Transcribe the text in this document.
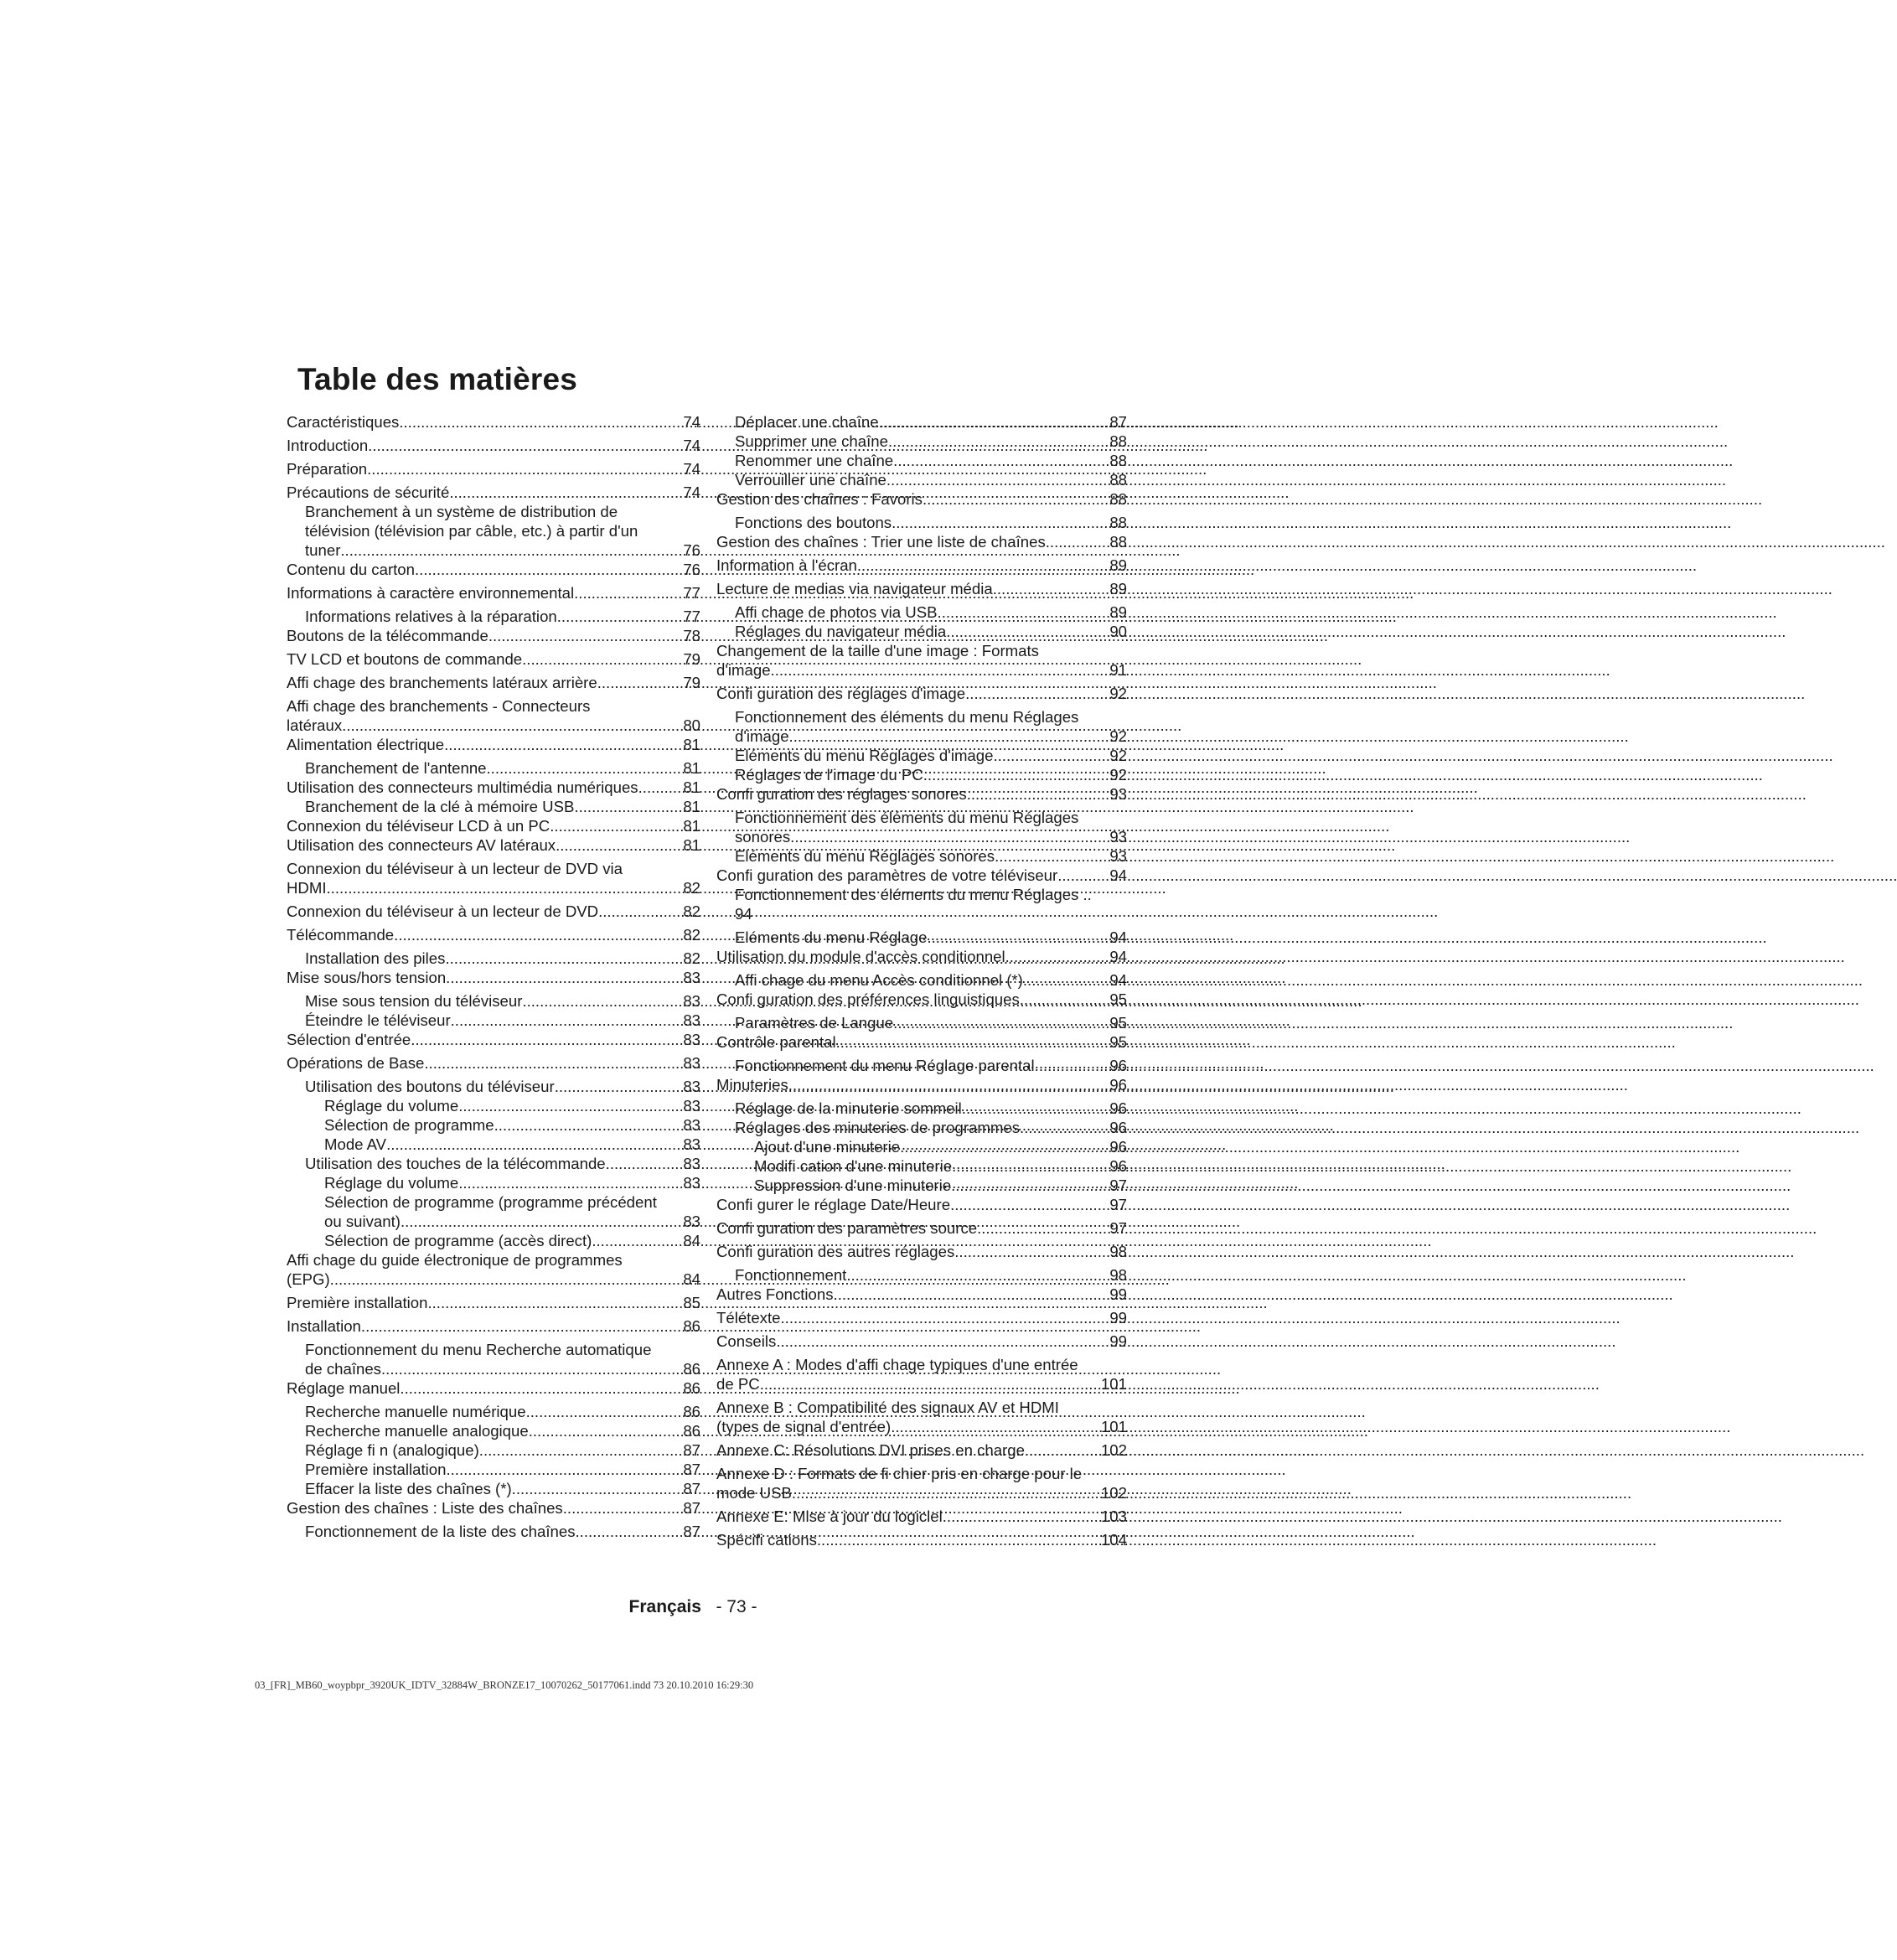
Table des matières
Caractéristiques .....	74
Introduction .....	74
Préparation .....	74
Précautions de sécurité .....	74
Branchement à un système de distribution de
télévision (télévision par câble, etc.) à partir d'un
tuner .....	76
Contenu du carton .....	76
Informations à caractère environnemental .....	77
Informations relatives à la réparation .....	77
Boutons de la télécommande .....	78
TV LCD et boutons de commande .....	79
Affi chage des branchements latéraux arrière .....	79
Affi chage des branchements - Connecteurs
latéraux .....	80
Alimentation électrique .....	81
Branchement de l'antenne .....	81
Utilisation des connecteurs multimédia numériques .....	81
Branchement de la clé à mémoire USB .....	81
Connexion du téléviseur LCD à un PC .....	81
Utilisation des connecteurs AV latéraux .....	81
Connexion du téléviseur à un lecteur de DVD via
HDMI .....	82
Connexion du téléviseur à un lecteur de DVD .....	82
Télécommande .....	82
Installation des piles .....	82
Mise sous/hors tension .....	83
Mise sous tension du téléviseur .....	83
Éteindre le téléviseur .....	83
Sélection d'entrée .....	83
Opérations de Base .....	83
Utilisation des boutons du téléviseur .....	83
Réglage du volume .....	83
Sélection de programme .....	83
Mode AV .....	83
Utilisation des touches de la télécommande .....	83
Réglage du volume .....	83
Sélection de programme (programme précédent
ou suivant) .....	83
Sélection de programme (accès direct) .....	84
Affi chage du guide électronique de programmes
(EPG) .....	84
Première installation .....	85
Installation .....	86
Fonctionnement du menu Recherche automatique
de chaînes .....	86
Réglage manuel .....	86
Recherche manuelle numérique .....	86
Recherche manuelle analogique .....	86
Réglage fi n (analogique) .....	87
Première installation .....	87
Effacer la liste des chaînes (*) .....	87
Gestion des chaînes : Liste des chaînes .....	87
Fonctionnement de la liste des chaînes .....	87
Déplacer une chaîne .....	87
Supprimer une chaîne .....	88
Renommer une chaîne .....	88
Verrouiller une chaîne .....	88
Gestion des chaînes : Favoris .....	88
Fonctions des boutons .....	88
Gestion des chaînes : Trier une liste de chaînes .....	88
Information à l'écran .....	89
Lecture de medias via navigateur média .....	89
Affi chage de photos via USB .....	89
Réglages du navigateur média .....	90
Changement de la taille d'une image : Formats
d'image .....	91
Confi guration des réglages d'image .....	92
Fonctionnement des éléments du menu Réglages
d'image .....	92
Eléments du menu Réglages d'image .....	92
Réglages de l'image du PC .....	92
Confi guration des réglages sonores .....	93
Fonctionnement des éléments du menu Réglages
sonores .....	93
Eléments du menu Réglages sonores .....	93
Confi guration des paramètres de votre téléviseur .....	94
Fonctionnement des éléments du menu Réglages ..
94
Eléments du menu Réglage .....	94
Utilisation du module d'accès conditionnel .....	94
Affi chage du menu Accès conditionnel (*) .....	94
Confi guration des préférences linguistiques .....	95
Paramètres de Langue .....	95
Contrôle parental .....	95
Fonctionnement du menu Réglage parental .....	96
Minuteries .....	96
Réglage de la minuterie sommeil .....	96
Réglages des minuteries de programmes .....	96
Ajout d'une minuterie .....	96
Modifi cation d'une minuterie .....	96
Suppression d'une minuterie .....	97
Confi gurer le réglage Date/Heure .....	97
Confi guration des paramètres source .....	97
Confi guration des autres réglages .....	98
Fonctionnement .....	98
Autres Fonctions .....	99
Télétexte .....	99
Conseils .....	99
Annexe A : Modes d'affi chage typiques d'une entrée
de PC .....	101
Annexe B : Compatibilité des signaux AV et HDMI
(types de signal d'entrée) .....	101
Annexe C: Résolutions DVI prises en charge .....	102
Annexe D : Formats de fi chier pris en charge pour le
mode USB .....	102
Annexe E: Mise à jour du logiciel .....	103
Spécifi cations .....	104
Français - 73 -
03_[FR]_MB60_woypbpr_3920UK_IDTV_32884W_BRONZE17_10070262_50177061.indd 73 20.10.2010 16:29:30
